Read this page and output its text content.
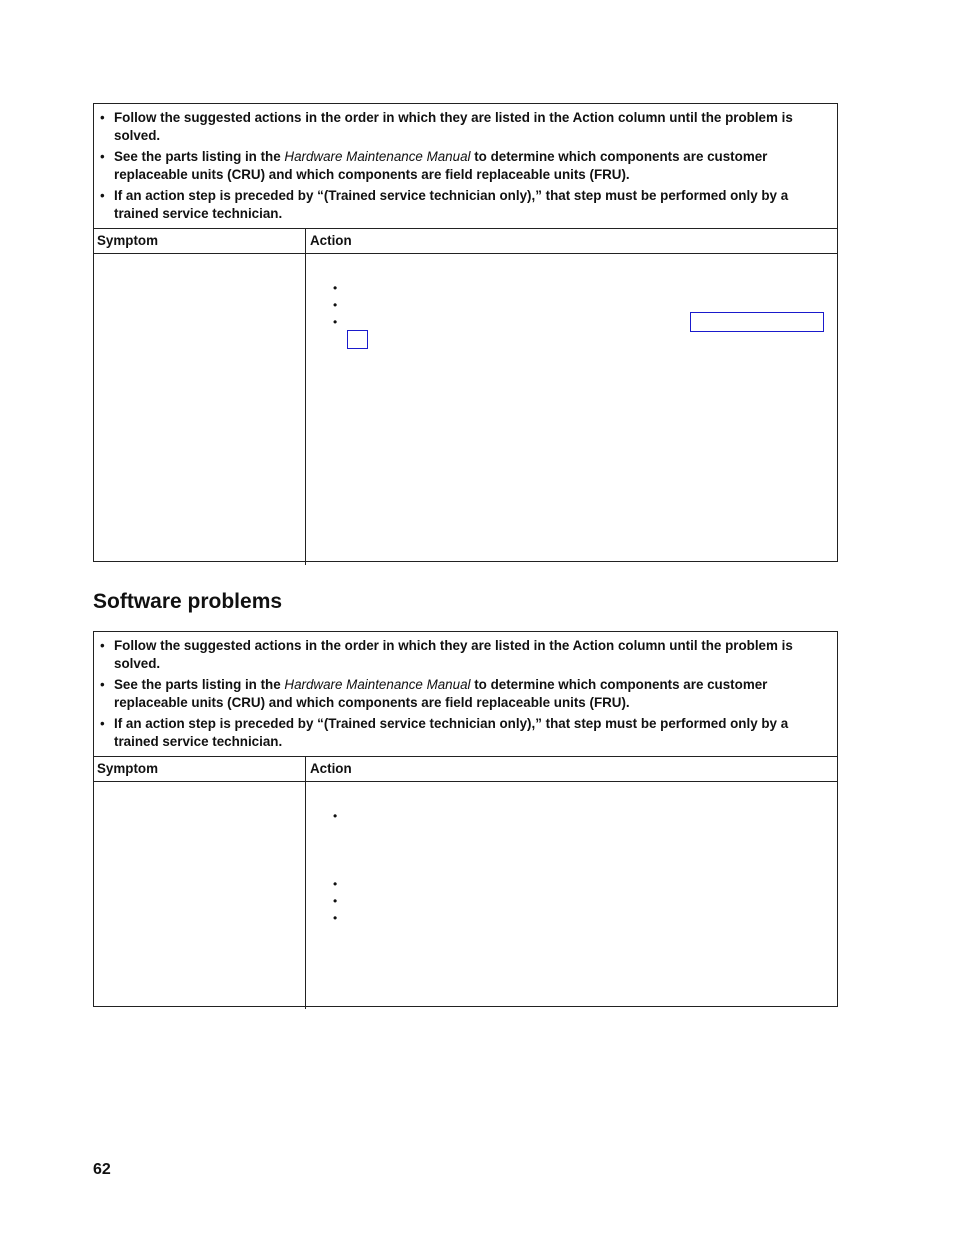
• Follow the suggested actions in the order in which they are listed in the Action column until the problem is solved.
• See the parts listing in the Hardware Maintenance Manual to determine which components are customer replaceable units (CRU) and which components are field replaceable units (FRU).
• If an action step is preceded by “(Trained service technician only),” that step must be performed only by a trained service technician.
Symptom	Action
•
•
•
Software problems
• Follow the suggested actions in the order in which they are listed in the Action column until the problem is solved.
• See the parts listing in the Hardware Maintenance Manual to determine which components are customer replaceable units (CRU) and which components are field replaceable units (FRU).
• If an action step is preceded by “(Trained service technician only),” that step must be performed only by a trained service technician.
Symptom	Action
•
•
•
•
62
